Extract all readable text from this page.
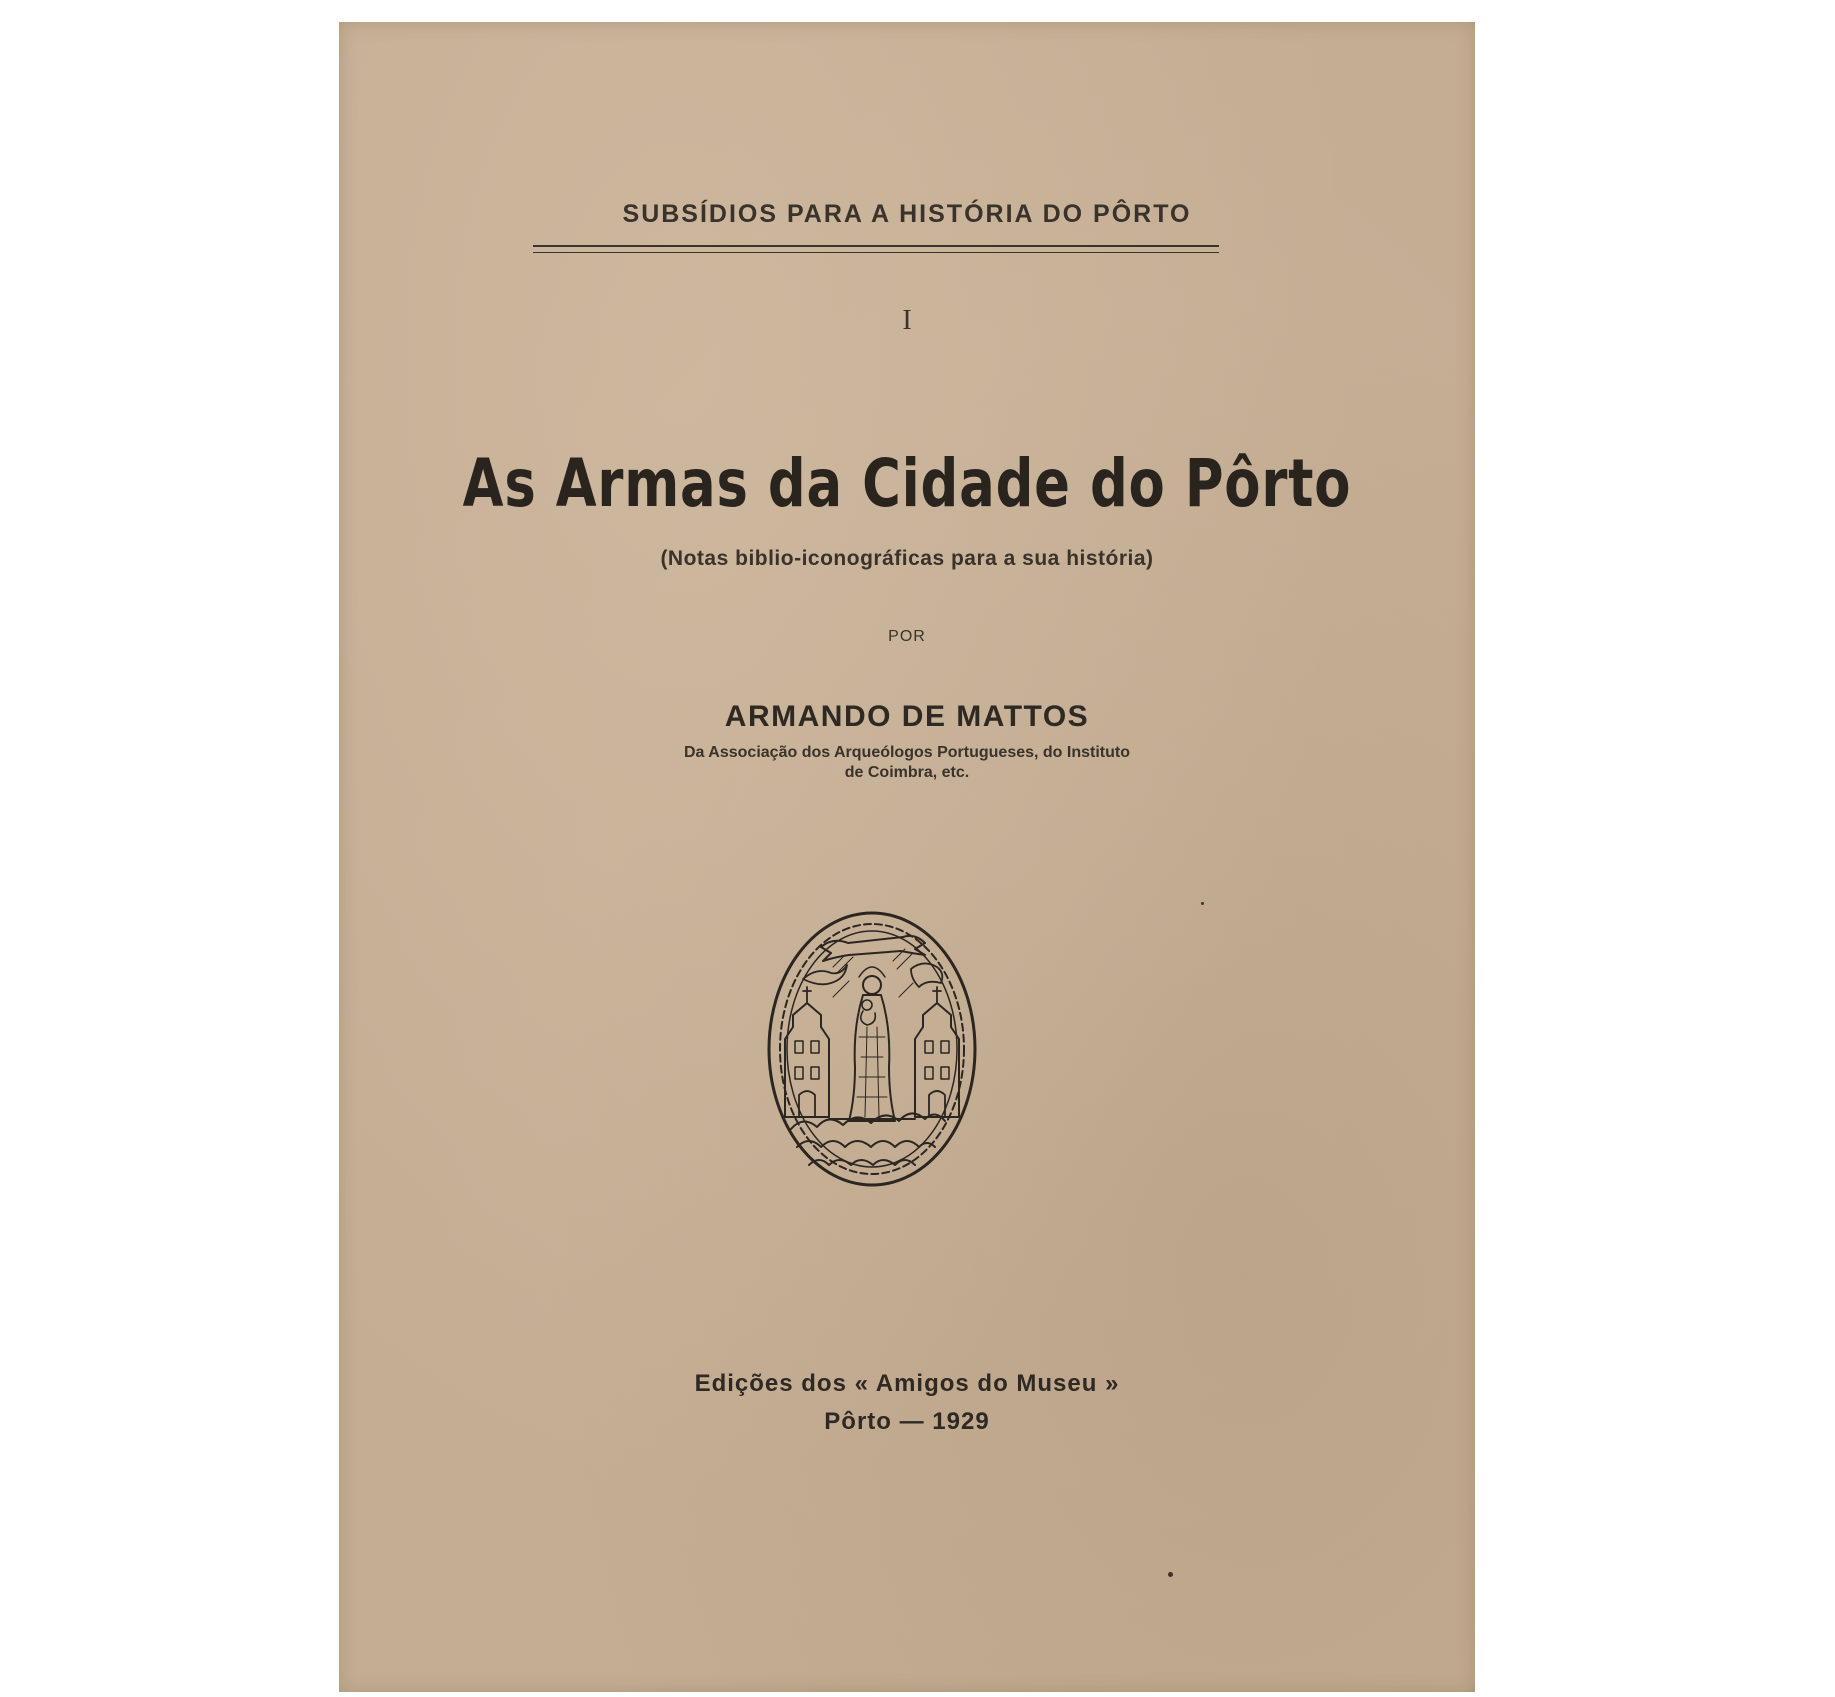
SUBSÍDIOS PARA A HISTÓRIA DO PÔRTO
I
As Armas da Cidade do Pôrto
(Notas biblio-iconográficas para a sua história)
POR
ARMANDO DE MATTOS
Da Associação dos Arqueólogos Portugueses, do Instituto
de Coimbra, etc.
Edições dos « Amigos do Museu »
Pôrto — 1929
